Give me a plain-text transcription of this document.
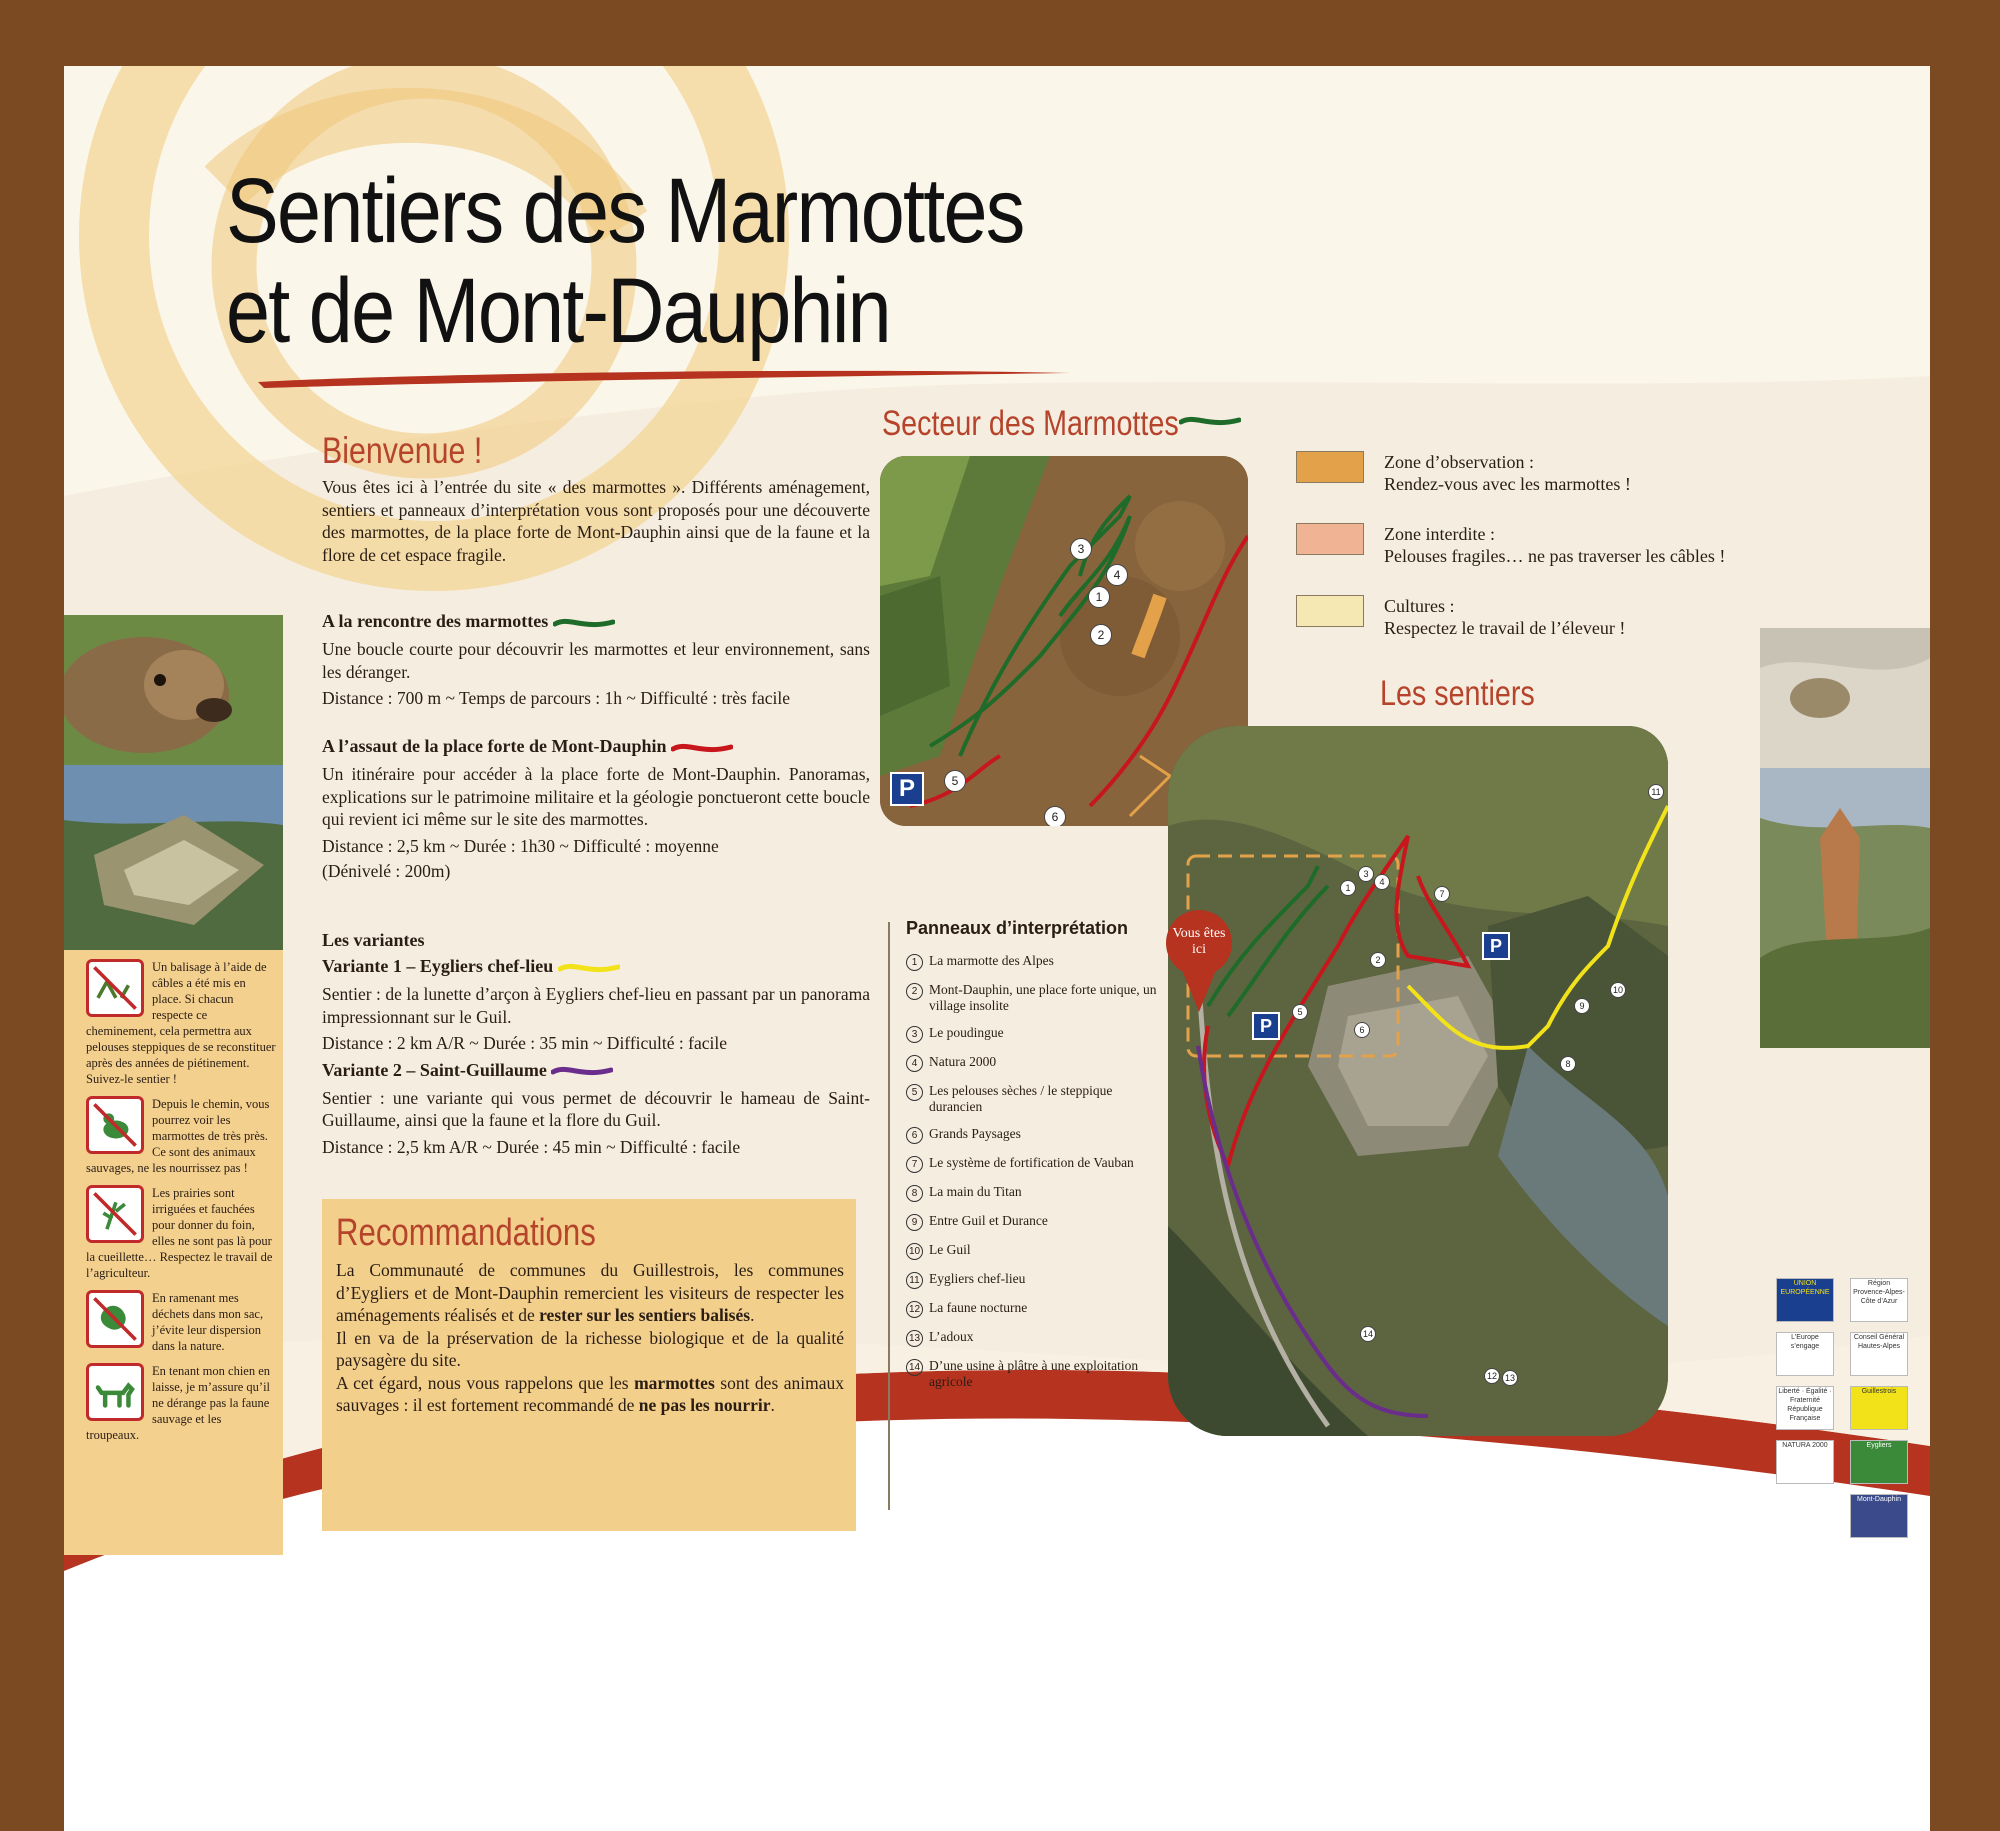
Sentiers des Marmottes
et de Mont-Dauphin
Bienvenue !
Vous êtes ici à l’entrée du site « des marmottes ». Différents aménagement, sentiers et panneaux d’interprétation vous sont proposés pour une découverte des marmottes, de la place forte de Mont-Dauphin ainsi que de la faune et la flore de cet espace fragile.
A la rencontre des marmottes
Une boucle courte pour découvrir les marmottes et leur environnement, sans les déranger.
Distance : 700 m ~ Temps de parcours : 1h ~ Difficulté : très facile
A l’assaut de la place forte de Mont-Dauphin
Un itinéraire pour accéder à la place forte de Mont-Dauphin. Panoramas, explications sur le patrimoine militaire et la géologie ponctueront cette boucle qui revient ici même sur le site des marmottes.
Distance : 2,5 km ~ Durée : 1h30 ~ Difficulté : moyenne
(Dénivelé : 200m)
Les variantes
Variante 1 – Eygliers chef-lieu
Sentier : de la lunette d’arçon à Eygliers chef-lieu en passant par un panorama impressionnant sur le Guil.
Distance : 2 km A/R ~ Durée : 35 min ~ Difficulté : facile
Variante 2 – Saint-Guillaume
Sentier : une variante qui vous permet de découvrir le hameau de Saint-Guillaume, ainsi que la faune et la flore du Guil.
Distance : 2,5 km A/R ~ Durée : 45 min ~ Difficulté : facile
Recommandations
La Communauté de communes du Guillestrois, les communes d’Eygliers et de Mont-Dauphin remercient les visiteurs de respecter les aménagements réalisés et de rester sur les sentiers balisés.
Il en va de la préservation de la richesse biologique et de la qualité paysagère du site.
A cet égard, nous vous rappelons que les marmottes sont des animaux sauvages : il est fortement recommandé de ne pas les nourrir.
Un balisage à l’aide de câbles a été mis en place. Si chacun respecte ce cheminement, cela permettra aux pelouses steppiques de se reconstituer après des années de piétinement. Suivez-le sentier !
Depuis le chemin, vous pourrez voir les marmottes de très près. Ce sont des animaux sauvages, ne les nourrissez pas !
Les prairies sont irriguées et fauchées pour donner du foin, elles ne sont pas là pour la cueillette… Respectez le travail de l’agriculteur.
En ramenant mes déchets dans mon sac, j’évite leur dispersion dans la nature.
En tenant mon chien en laisse, je m’assure qu’il ne dérange pas la faune sauvage et les troupeaux.
Secteur des Marmottes
1
2
3
4
5
6
P
Zone d’observation :
Rendez-vous avec les marmottes !
Zone interdite :
Pelouses fragiles… ne pas traverser les câbles !
Cultures :
Respectez le travail de l’éleveur !
Les sentiers
1
2
3
4
5
6
7
8
9
10
11
12 13
14
P
P
Vous êtes ici
Panneaux d’interprétation
1 La marmotte des Alpes
2 Mont-Dauphin, une place forte unique, un village insolite
3 Le poudingue
4 Natura 2000
5 Les pelouses sèches / le steppique durancien
6 Grands Paysages
7 Le système de fortification de Vauban
8 La main du Titan
9 Entre Guil et Durance
10 Le Guil
11 Eygliers chef-lieu
12 La faune nocturne
13 L’adoux
14 D’une usine à plâtre à une exploitation agricole
UNION EUROPÉENNE
Région Provence-Alpes-Côte d’Azur
L’Europe s’engage
Conseil Général Hautes-Alpes
Liberté · Égalité · Fraternité République Française
Guillestrois
NATURA 2000	Eygliers
Mont-Dauphin
